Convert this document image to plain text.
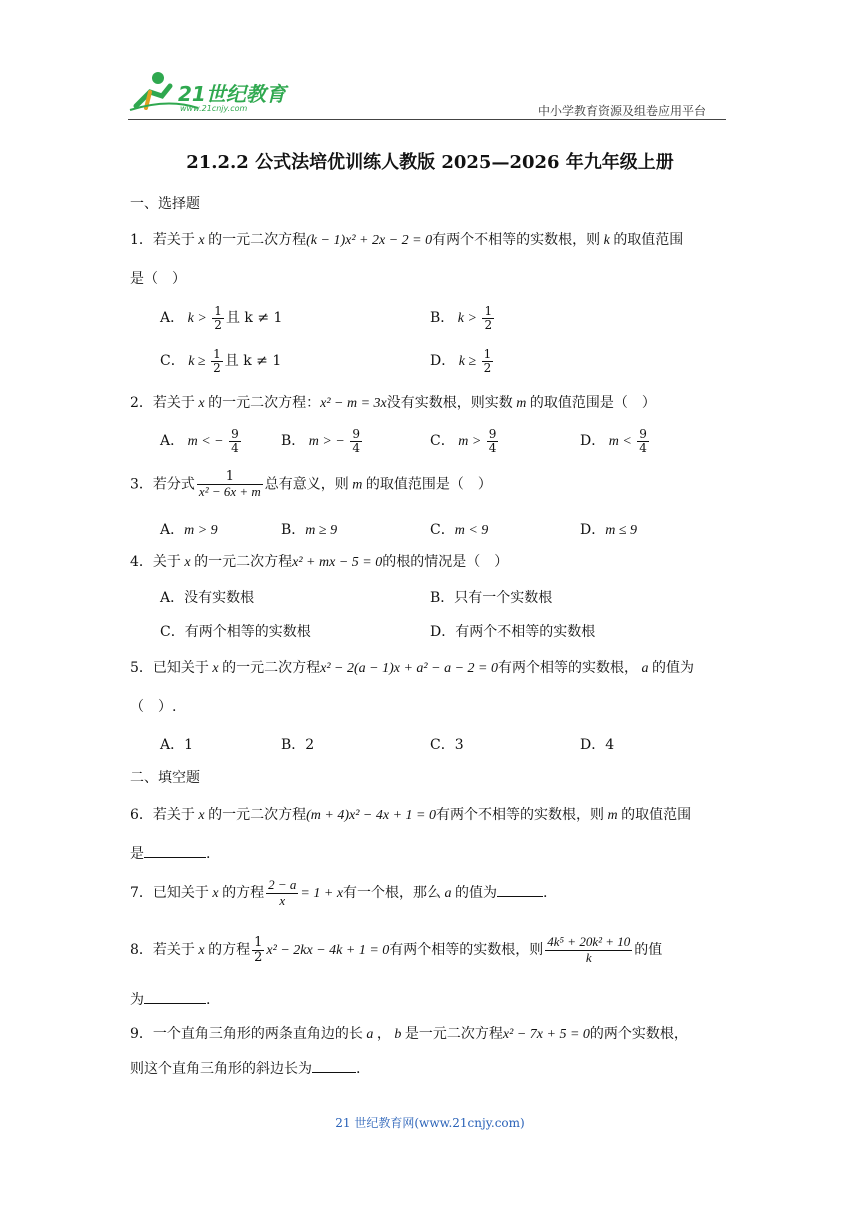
21世纪教育
www.21cnjy.com	中小学教育资源及组卷应用平台
21.2.2 公式法培优训练人教版 2025—2026 年九年级上册
一、选择题
1．若关于 x 的一元二次方程(k − 1)x² + 2x − 2 = 0有两个不相等的实数根，则 k 的取值范围
是（　）
A． $k > \frac{1}{2}$ 且 k ≠ 1	B． $k > \frac{1}{2}$
C． $k \ge \frac{1}{2}$ 且 k ≠ 1	D． $k \ge \frac{1}{2}$
2．若关于 x 的一元二次方程：x² − m = 3x没有实数根，则实数 m 的取值范围是（　）
A． m < − $\frac{9}{4}$	B． m > − $\frac{9}{4}$	C． $m > \frac{9}{4}$	D． $m < \frac{9}{4}$
3．若分式 $\frac{1}{\text{x² − 6x + m}}$ 总有意义，则 m 的取值范围是（　）
A．m > 9	B．m ≥ 9	C．m < 9	D．m ≤ 9
4．关于 x 的一元二次方程x² + mx − 5 = 0的根的情况是（　）
A．没有实数根	B．只有一个实数根
C．有两个相等的实数根	D．有两个不相等的实数根
5．已知关于 x 的一元二次方程x² − 2(a − 1)x + a² − a − 2 = 0有两个相等的实数根， a 的值为
（　）.
A．1	B．2	C．3	D．4
二、填空题
6．若关于 x 的一元二次方程(m + 4)x² − 4x + 1 = 0有两个不相等的实数根，则 m 的取值范围
是	.
7．已知关于 x 的方程 $\frac{2 - a}{x} = 1 + x$有一个根，那么 a 的值为	.
8．若关于 x 的方程 $\frac{1}{2} x^2 - 2kx - 4k + 1 = 0$有两个相等的实数根，则 $\frac{\text{4k⁵ + 20k² + 10}}{k}$ 的值
为	.
9．一个直角三角形的两条直角边的长 a ， b 是一元二次方程x² − 7x + 5 = 0的两个实数根，
则这个直角三角形的斜边长为	.
21 世纪教育网(www.21cnjy.com)
